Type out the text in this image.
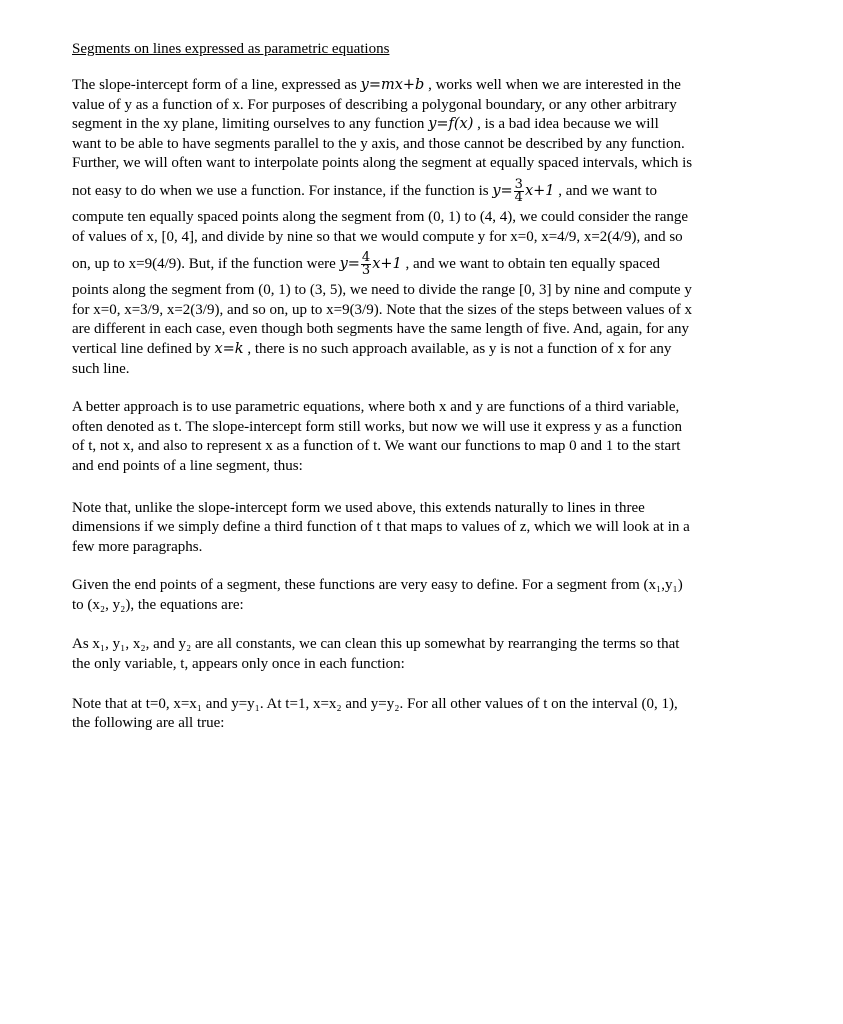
Segments on lines expressed as parametric equations

The slope-intercept form of a line, expressed as y=mx+b , works well when we are interested in the

value of y as a function of x. For purposes of describing a polygonal boundary, or any other arbitrary

segment in the xy plane, limiting ourselves to any function y=f(x) , is a bad idea because we will

want to be able to have segments parallel to the y axis, and those cannot be described by any function.

Further, we will often want to interpolate points along the segment at equally spaced intervals, which is

not easy to do when we use a function. For instance, if the function is $y= \frac{3}{4} x+1$ , and we want to

compute ten equally spaced points along the segment from (0, 1) to (4, 4), we could consider the range

of values of x, [0, 4], and divide by nine so that we would compute y for x=0, x=4/9, x=2(4/9), and so

on, up to x=9(4/9). But, if the function were $y= \frac{4}{3} x+1$ , and we want to obtain ten equally spaced

points along the segment from (0, 1) to (3, 5), we need to divide the range [0, 3] by nine and compute y

for x=0, x=3/9, x=2(3/9), and so on, up to x=9(3/9). Note that the sizes of the steps between values of x

are different in each case, even though both segments have the same length of five. And, again, for any

vertical line defined by x=k , there is no such approach available, as y is not a function of x for any

such line.

A better approach is to use parametric equations, where both x and y are functions of a third variable,

often denoted as t. The slope-intercept form still works, but now we will use it express y as a function

of t, not x, and also to represent x as a function of t. We want our functions to map 0 and 1 to the start

and end points of a line segment, thus:

Note that, unlike the slope-intercept form we used above, this extends naturally to lines in three

dimensions if we simply define a third function of t that maps to values of z, which we will look at in a

few more paragraphs.

Given the end points of a segment, these functions are very easy to define. For a segment from (x₁,y₁)

to (x₂, y₂), the equations are:

As x₁, y₁, x₂, and y₂ are all constants, we can clean this up somewhat by rearranging the terms so that

the only variable, t, appears only once in each function:

Note that at t=0, x=x₁ and y=y₁. At t=1, x=x₂ and y=y₂. For all other values of t on the interval (0, 1),

the following are all true:
